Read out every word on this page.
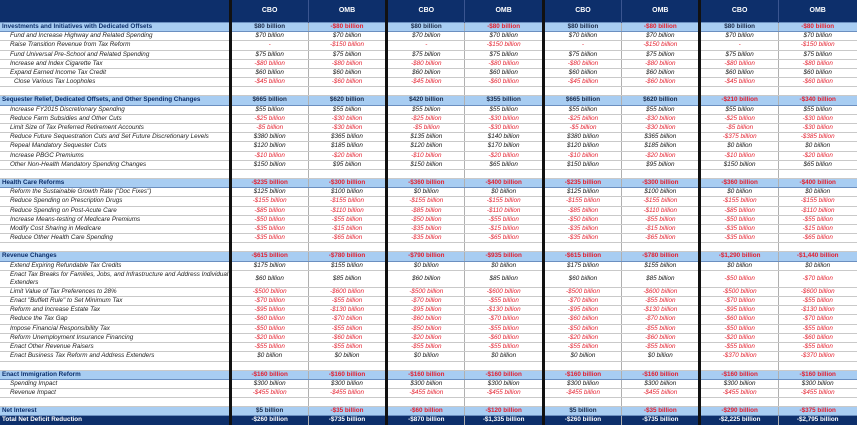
	CBO	OMB	CBO	OMB	CBO	OMB	CBO	OMB
Investments and Initiatives with Dedicated Offsets	$80 billion	-$80 billion	$80 billion	-$80 billion	$80 billion	-$80 billion	$80 billion	-$80 billion
Fund and Increase Highway and Related Spending	$70 billion	$70 billion	$70 billion	$70 billion	$70 billion	$70 billion	$70 billion	$70 billion
Raise Transition Revenue from Tax Reform	-	-$150 billion	-	-$150 billion	-	-$150 billion	-	-$150 billion
Fund Universal Pre-School and Related Spending	$75 billion	$75 billion	$75 billion	$75 billion	$75 billion	$75 billion	$75 billion	$75 billion
Increase and Index Cigarette Tax	-$80 billion	-$80 billion	-$80 billion	-$80 billion	-$80 billion	-$80 billion	-$80 billion	-$80 billion
Expand Earned Income Tax Credit	$60 billion	$60 billion	$60 billion	$60 billion	$60 billion	$60 billion	$60 billion	$60 billion
Close Various Tax Loopholes	-$45 billion	-$60 billion	-$45 billion	-$60 billion	-$45 billion	-$60 billion	-$45 billion	-$60 billion

Sequester Relief, Dedicated Offsets, and Other Spending Changes	$665 billion	$620 billion	$420 billion	$355 billion	$665 billion	$620 billion	-$210 billion	-$340 billion
Increase FY2015 Discretionary Spending	$55 billion	$55 billion	$55 billion	$55 billion	$55 billion	$55 billion	$55 billion	$55 billion
Reduce Farm Subsidies and Other Cuts	-$25 billion	-$30 billion	-$25 billion	-$30 billion	-$25 billion	-$30 billion	-$25 billion	-$30 billion
Limit Size of Tax Preferred Retirement Accounts	-$5 billion	-$30 billion	-$5 billion	-$30 billion	-$5 billion	-$30 billion	-$5 billion	-$30 billion
Reduce Future Sequestration Cuts and Set Future Discretionary Levels	$380 billion	$365 billion	$135 billion	$140 billion	$380 billion	$365 billion	-$375 billion	-$385 billion
Repeal Mandatory Sequester Cuts	$120 billion	$185 billion	$120 billion	$170 billion	$120 billion	$185 billion	$0 billion	$0 billion
Increase PBGC Premiums	-$10 billion	-$20 billion	-$10 billion	-$20 billion	-$10 billion	-$20 billion	-$10 billion	-$20 billion
Other Non-Health Mandatory Spending Changes	$150 billion	$95 billion	$150 billion	$65 billion	$150 billion	$95 billion	$150 billion	$65 billion

Health Care Reforms	-$235 billion	-$300 billion	-$360 billion	-$400 billion	-$235 billion	-$300 billion	-$360 billion	-$400 billion
Reform the Sustainable Growth Rate ("Doc Fixes")	$125 billion	$100 billion	$0 billion	$0 billion	$125 billion	$100 billion	$0 billion	$0 billion
Reduce Spending on Prescription Drugs	-$155 billion	-$155 billion	-$155 billion	-$155 billion	-$155 billion	-$155 billion	-$155 billion	-$155 billion
Reduce Spending on Post-Acute Care	-$85 billion	-$110 billion	-$85 billion	-$110 billion	-$85 billion	-$110 billion	-$85 billion	-$110 billion
Increase Means-testing of Medicare Premiums	-$50 billion	-$55 billion	-$50 billion	-$55 billion	-$50 billion	-$55 billion	-$50 billion	-$55 billion
Modify Cost Sharing in Medicare	-$35 billion	-$15 billion	-$35 billion	-$15 billion	-$35 billion	-$15 billion	-$35 billion	-$15 billion
Reduce Other Health Care Spending	-$35 billion	-$65 billion	-$35 billion	-$65 billion	-$35 billion	-$65 billion	-$35 billion	-$65 billion

Revenue Changes	-$615 billion	-$780 billion	-$790 billion	-$935 billion	-$615 billion	-$780 billion	-$1,290 billion	-$1,440 billion
Extend Expiring Refundable Tax Credits	$175 billion	$155 billion	$0 billion	$0 billion	$175 billion	$155 billion	$0 billion	$0 billion
Enact Tax Breaks for Families, Jobs, and Infrastructure and Address Individual Extenders	$60 billion	$85 billion	$60 billion	$85 billion	$60 billion	$85 billion	-$50 billion	-$70 billion
Limit Value of Tax Preferences to 28%	-$500 billion	-$600 billion	-$500 billion	-$600 billion	-$500 billion	-$600 billion	-$500 billion	-$600 billion
Enact "Buffett Rule" to Set Minimum Tax	-$70 billion	-$55 billion	-$70 billion	-$55 billion	-$70 billion	-$55 billion	-$70 billion	-$55 billion
Reform and Increase Estate Tax	-$95 billion	-$130 billion	-$95 billion	-$130 billion	-$95 billion	-$130 billion	-$95 billion	-$130 billion
Reduce the Tax Gap	-$60 billion	-$70 billion	-$60 billion	-$70 billion	-$60 billion	-$70 billion	-$60 billion	-$70 billion
Impose Financial Responsibility Tax	-$50 billion	-$55 billion	-$50 billion	-$55 billion	-$50 billion	-$55 billion	-$50 billion	-$55 billion
Reform Unemployment Insurance Financing	-$20 billion	-$60 billion	-$20 billion	-$60 billion	-$20 billion	-$60 billion	-$20 billion	-$60 billion
Enact Other Revenue Raisers	-$55 billion	-$55 billion	-$55 billion	-$55 billion	-$55 billion	-$55 billion	-$55 billion	-$55 billion
Enact Business Tax Reform and Address Extenders	$0 billion	$0 billion	$0 billion	$0 billion	$0 billion	$0 billion	-$370 billion	-$370 billion

Enact Immigration Reform	-$160 billion	-$160 billion	-$160 billion	-$160 billion	-$160 billion	-$160 billion	-$160 billion	-$160 billion
Spending Impact	$300 billion	$300 billion	$300 billion	$300 billion	$300 billion	$300 billion	$300 billion	$300 billion
Revenue Impact	-$455 billion	-$455 billion	-$455 billion	-$455 billion	-$455 billion	-$455 billion	-$455 billion	-$455 billion

Net Interest	$5 billion	-$35 billion	-$60 billion	-$120 billion	$5 billion	-$35 billion	-$290 billion	-$375 billion
Total Net Deficit Reduction	-$260 billion	-$735 billion	-$870 billion	-$1,335 billion	-$260 billion	-$735 billion	-$2,225 billion	-$2,795 billion
